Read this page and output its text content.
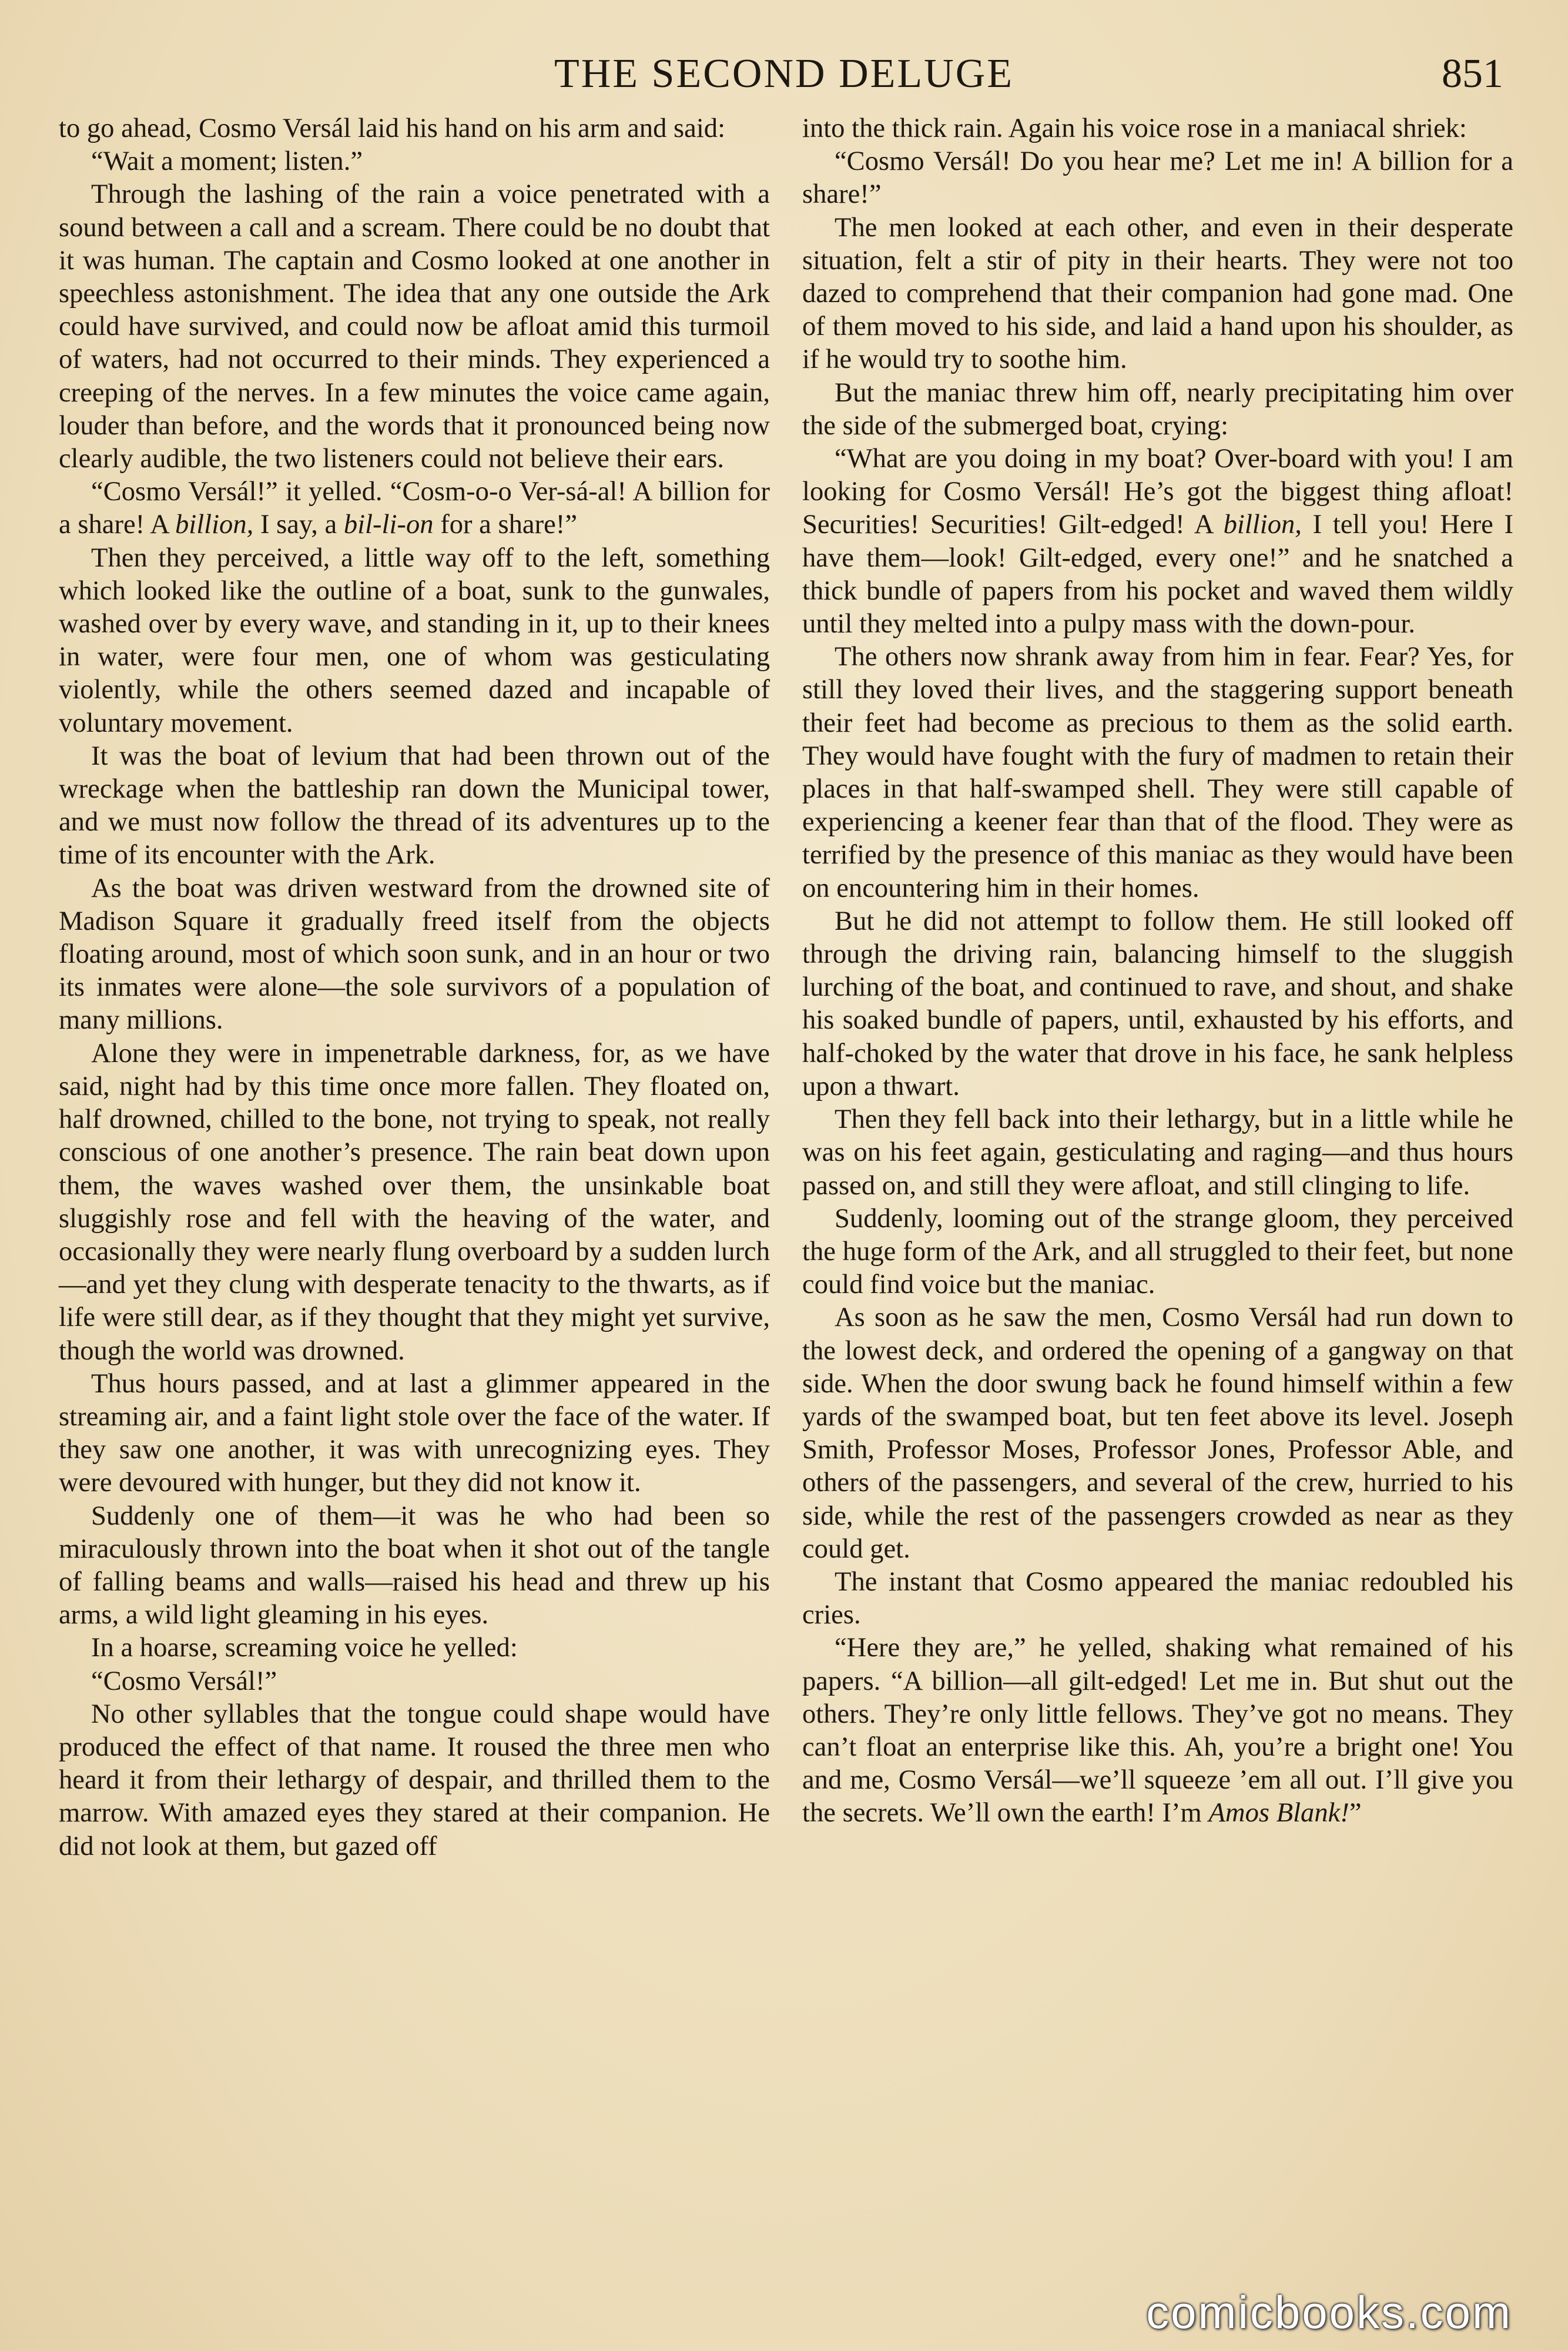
THE SECOND DELUGE	851

to go ahead, Cosmo Versál laid his hand on his arm and said:

“Wait a moment; listen.”

Through the lashing of the rain a voice penetrated with a sound between a call and a scream. There could be no doubt that it was human. The captain and Cosmo looked at one another in speechless astonishment. The idea that any one outside the Ark could have survived, and could now be afloat amid this turmoil of waters, had not occurred to their minds. They experienced a creeping of the nerves. In a few minutes the voice came again, louder than before, and the words that it pronounced being now clearly audible, the two listeners could not believe their ears.

“Cosmo Versál!” it yelled. “Cosm-o-o Ver-sá-al! A billion for a share! A billion, I say, a bil-li-on for a share!”

Then they perceived, a little way off to the left, something which looked like the outline of a boat, sunk to the gunwales, washed over by every wave, and standing in it, up to their knees in water, were four men, one of whom was gesticulating violently, while the others seemed dazed and incapable of voluntary movement.

It was the boat of levium that had been thrown out of the wreckage when the battleship ran down the Municipal tower, and we must now follow the thread of its adventures up to the time of its encounter with the Ark.

As the boat was driven westward from the drowned site of Madison Square it gradually freed itself from the objects floating around, most of which soon sunk, and in an hour or two its inmates were alone—the sole survivors of a population of many millions.

Alone they were in impenetrable darkness, for, as we have said, night had by this time once more fallen. They floated on, half drowned, chilled to the bone, not trying to speak, not really conscious of one another’s presence. The rain beat down upon them, the waves washed over them, the unsinkable boat sluggishly rose and fell with the heaving of the water, and occasionally they were nearly flung overboard by a sudden lurch—and yet they clung with desperate tenacity to the thwarts, as if life were still dear, as if they thought that they might yet survive, though the world was drowned.

Thus hours passed, and at last a glimmer appeared in the streaming air, and a faint light stole over the face of the water. If they saw one another, it was with unrecognizing eyes. They were devoured with hunger, but they did not know it.

Suddenly one of them—it was he who had been so miraculously thrown into the boat when it shot out of the tangle of falling beams and walls—raised his head and threw up his arms, a wild light gleaming in his eyes.

In a hoarse, screaming voice he yelled:

“Cosmo Versál!”

No other syllables that the tongue could shape would have produced the effect of that name. It roused the three men who heard it from their lethargy of despair, and thrilled them to the marrow. With amazed eyes they stared at their companion. He did not look at them, but gazed off

into the thick rain. Again his voice rose in a maniacal shriek:

“Cosmo Versál! Do you hear me? Let me in! A billion for a share!”

The men looked at each other, and even in their desperate situation, felt a stir of pity in their hearts. They were not too dazed to comprehend that their companion had gone mad. One of them moved to his side, and laid a hand upon his shoulder, as if he would try to soothe him.

But the maniac threw him off, nearly precipitating him over the side of the submerged boat, crying:

“What are you doing in my boat? Over-board with you! I am looking for Cosmo Versál! He’s got the biggest thing afloat! Securities! Securities! Gilt-edged! A billion, I tell you! Here I have them—look! Gilt-edged, every one!” and he snatched a thick bundle of papers from his pocket and waved them wildly until they melted into a pulpy mass with the down-pour.

The others now shrank away from him in fear. Fear? Yes, for still they loved their lives, and the staggering support beneath their feet had become as precious to them as the solid earth. They would have fought with the fury of madmen to retain their places in that half-swamped shell. They were still capable of experiencing a keener fear than that of the flood. They were as terrified by the presence of this maniac as they would have been on encountering him in their homes.

But he did not attempt to follow them. He still looked off through the driving rain, balancing himself to the sluggish lurching of the boat, and continued to rave, and shout, and shake his soaked bundle of papers, until, exhausted by his efforts, and half-choked by the water that drove in his face, he sank helpless upon a thwart.

Then they fell back into their lethargy, but in a little while he was on his feet again, gesticulating and raging—and thus hours passed on, and still they were afloat, and still clinging to life.

Suddenly, looming out of the strange gloom, they perceived the huge form of the Ark, and all struggled to their feet, but none could find voice but the maniac.

As soon as he saw the men, Cosmo Versál had run down to the lowest deck, and ordered the opening of a gangway on that side. When the door swung back he found himself within a few yards of the swamped boat, but ten feet above its level. Joseph Smith, Professor Moses, Professor Jones, Professor Able, and others of the passengers, and several of the crew, hurried to his side, while the rest of the passengers crowded as near as they could get.

The instant that Cosmo appeared the maniac redoubled his cries.

“Here they are,” he yelled, shaking what remained of his papers. “A billion—all gilt-edged! Let me in. But shut out the others. They’re only little fellows. They’ve got no means. They can’t float an enterprise like this. Ah, you’re a bright one! You and me, Cosmo Versál—we’ll squeeze ’em all out. I’ll give you the secrets. We’ll own the earth! I’m Amos Blank!”

comicbooks.com
